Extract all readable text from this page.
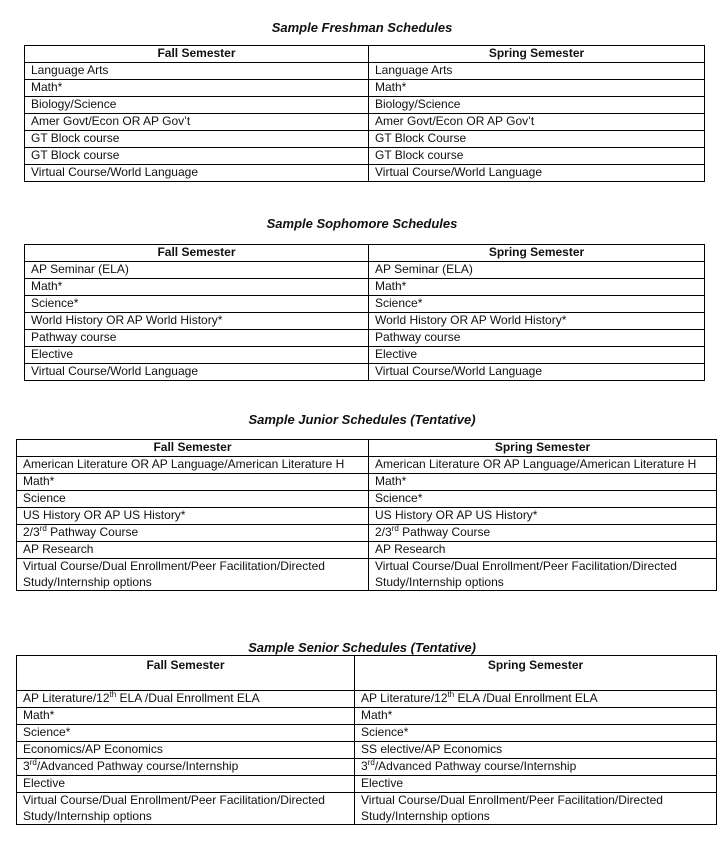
Sample Freshman Schedules
Fall Semester	Spring Semester
Language Arts	Language Arts
Math*	Math*
Biology/Science	Biology/Science
Amer Govt/Econ OR AP Gov’t	Amer Govt/Econ OR AP Gov’t
GT Block course	GT Block Course
GT Block course	GT Block course
Virtual Course/World Language	Virtual Course/World Language
Sample Sophomore Schedules
Fall Semester	Spring Semester
AP Seminar (ELA)	AP Seminar (ELA)
Math*	Math*
Science*	Science*
World History OR AP World History*	World History OR AP World History*
Pathway course	Pathway course
Elective	Elective
Virtual Course/World Language	Virtual Course/World Language
Sample Junior Schedules (Tentative)
Fall Semester	Spring Semester
American Literature OR AP Language/American Literature H	American Literature OR AP Language/American Literature H
Math*	Math*
Science	Science*
US History OR AP US History*	US History OR AP US History*
2/3rd Pathway Course	2/3rd Pathway Course
AP Research	AP Research
Virtual Course/Dual Enrollment/Peer Facilitation/Directed Study/Internship options	Virtual Course/Dual Enrollment/Peer Facilitation/Directed Study/Internship options
Sample Senior Schedules (Tentative)
Fall Semester	Spring Semester
AP Literature/12th ELA /Dual Enrollment ELA	AP Literature/12th ELA /Dual Enrollment ELA
Math*	Math*
Science*	Science*
Economics/AP Economics	SS elective/AP Economics
3rd/Advanced Pathway course/Internship	3rd/Advanced Pathway course/Internship
Elective	Elective
Virtual Course/Dual Enrollment/Peer Facilitation/Directed Study/Internship options	Virtual Course/Dual Enrollment/Peer Facilitation/Directed Study/Internship options
